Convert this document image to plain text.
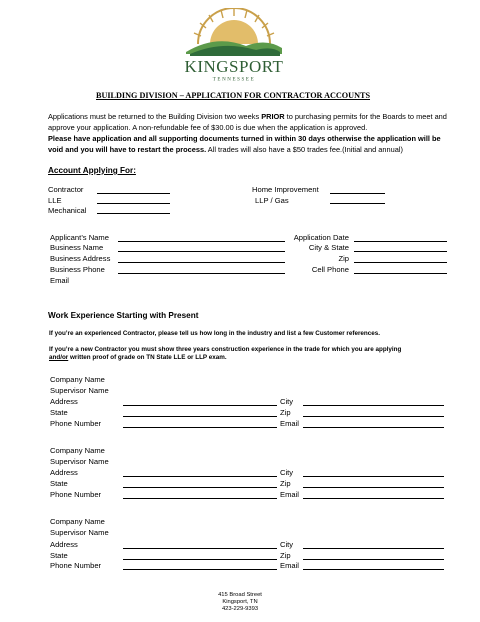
KINGSPORT
TENNESSEE
BUILDING DIVISION – APPLICATION FOR CONTRACTOR ACCOUNTS
Applications must be returned to the Building Division two weeks PRIOR to purchasing permits for the Boards to meet and approve your application. A non-refundable fee of $30.00 is due when the application is approved.
Please have application and all supporting documents turned in within 30 days otherwise the application will be void and you will have to restart the process. All trades will also have a $50 trades fee.(Initial and annual)
Account Applying For:
Contractor
LLE
Mechanical
Home Improvement
LLP / Gas
Applicant’s Name
Business Name
Business Address
Business Phone
Email
Application Date
City & State
Zip
Cell Phone
Work Experience Starting with Present
If you’re an experienced Contractor, please tell us how long in the industry and list a few Customer references.
If you’re a new Contractor you must show three years construction experience in the trade for which you are applying and/or written proof of grade on TN State LLE or LLP exam.
Company Name
Supervisor Name
Address
State
Phone Number
City
Zip
Email
Company Name
Supervisor Name
Address
State
Phone Number
City
Zip
Email
Company Name
Supervisor Name
Address
State
Phone Number
City
Zip
Email
415 Broad Street
Kingsport, TN
423-229-9393
